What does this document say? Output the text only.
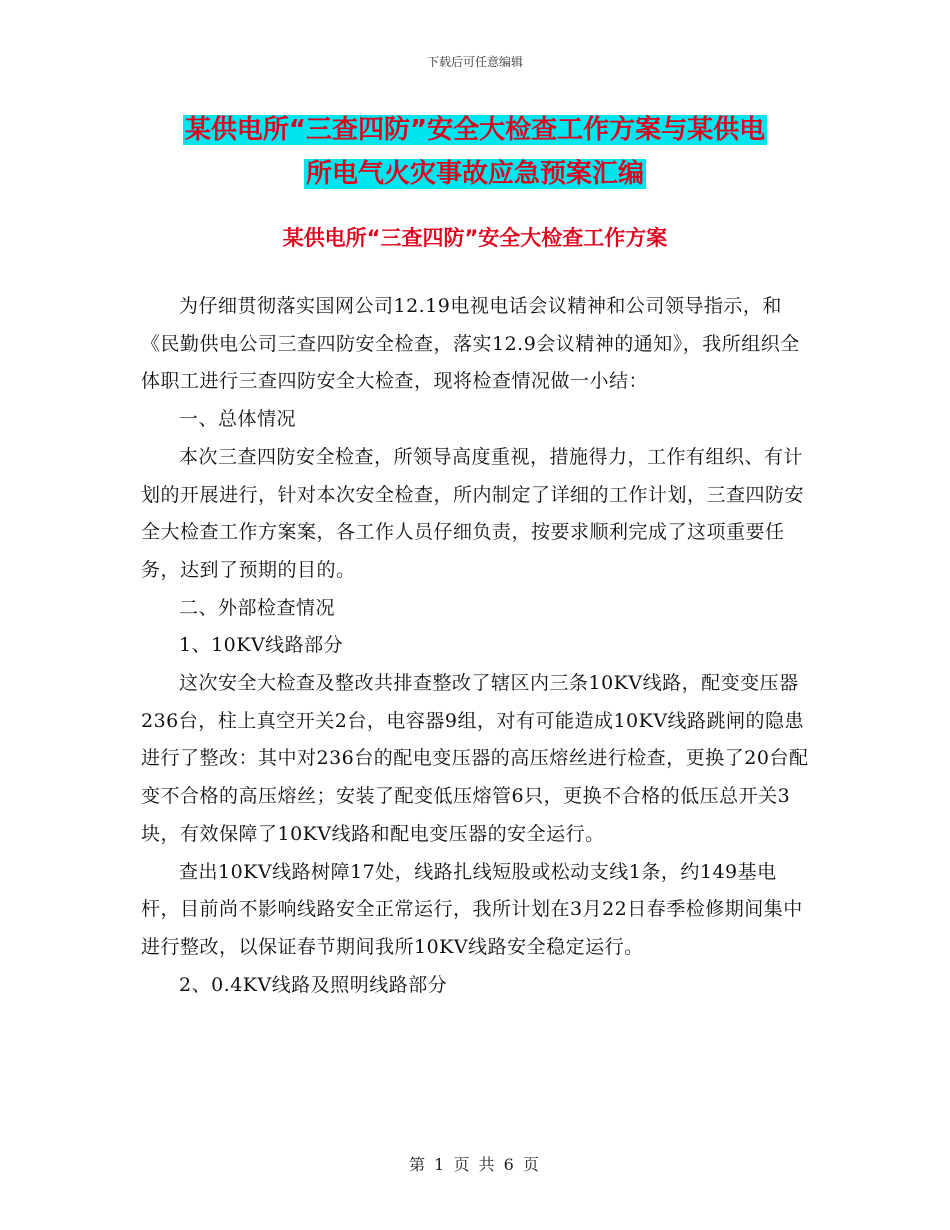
下载后可任意编辑
某供电所“三查四防”安全大检查工作方案与某供电
所电气火灾事故应急预案汇编
某供电所“三查四防”安全大检查工作方案

为仔细贯彻落实国网公司12.19电视电话会议精神和公司领导指示，和《民勤供电公司三查四防安全检查，落实12.9会议精神的通知》，我所组织全体职工进行三查四防安全大检查，现将检查情况做一小结：

一、总体情况

本次三查四防安全检查，所领导高度重视，措施得力，工作有组织、有计划的开展进行，针对本次安全检查，所内制定了详细的工作计划，三查四防安全大检查工作方案案，各工作人员仔细负责，按要求顺利完成了这项重要任务，达到了预期的目的。

二、外部检查情况

1、10KV线路部分

这次安全大检查及整改共排查整改了辖区内三条10KV线路，配变变压器236台，柱上真空开关2台，电容器9组，对有可能造成10KV线路跳闸的隐患进行了整改：其中对236台的配电变压器的高压熔丝进行检查，更换了20台配变不合格的高压熔丝；安装了配变低压熔管6只，更换不合格的低压总开关3块，有效保障了10KV线路和配电变压器的安全运行。

查出10KV线路树障17处，线路扎线短股或松动支线1条，约149基电杆，目前尚不影响线路安全正常运行，我所计划在3月22日春季检修期间集中进行整改，以保证春节期间我所10KV线路安全稳定运行。

2、0.4KV线路及照明线路部分

第 1 页 共 6 页
